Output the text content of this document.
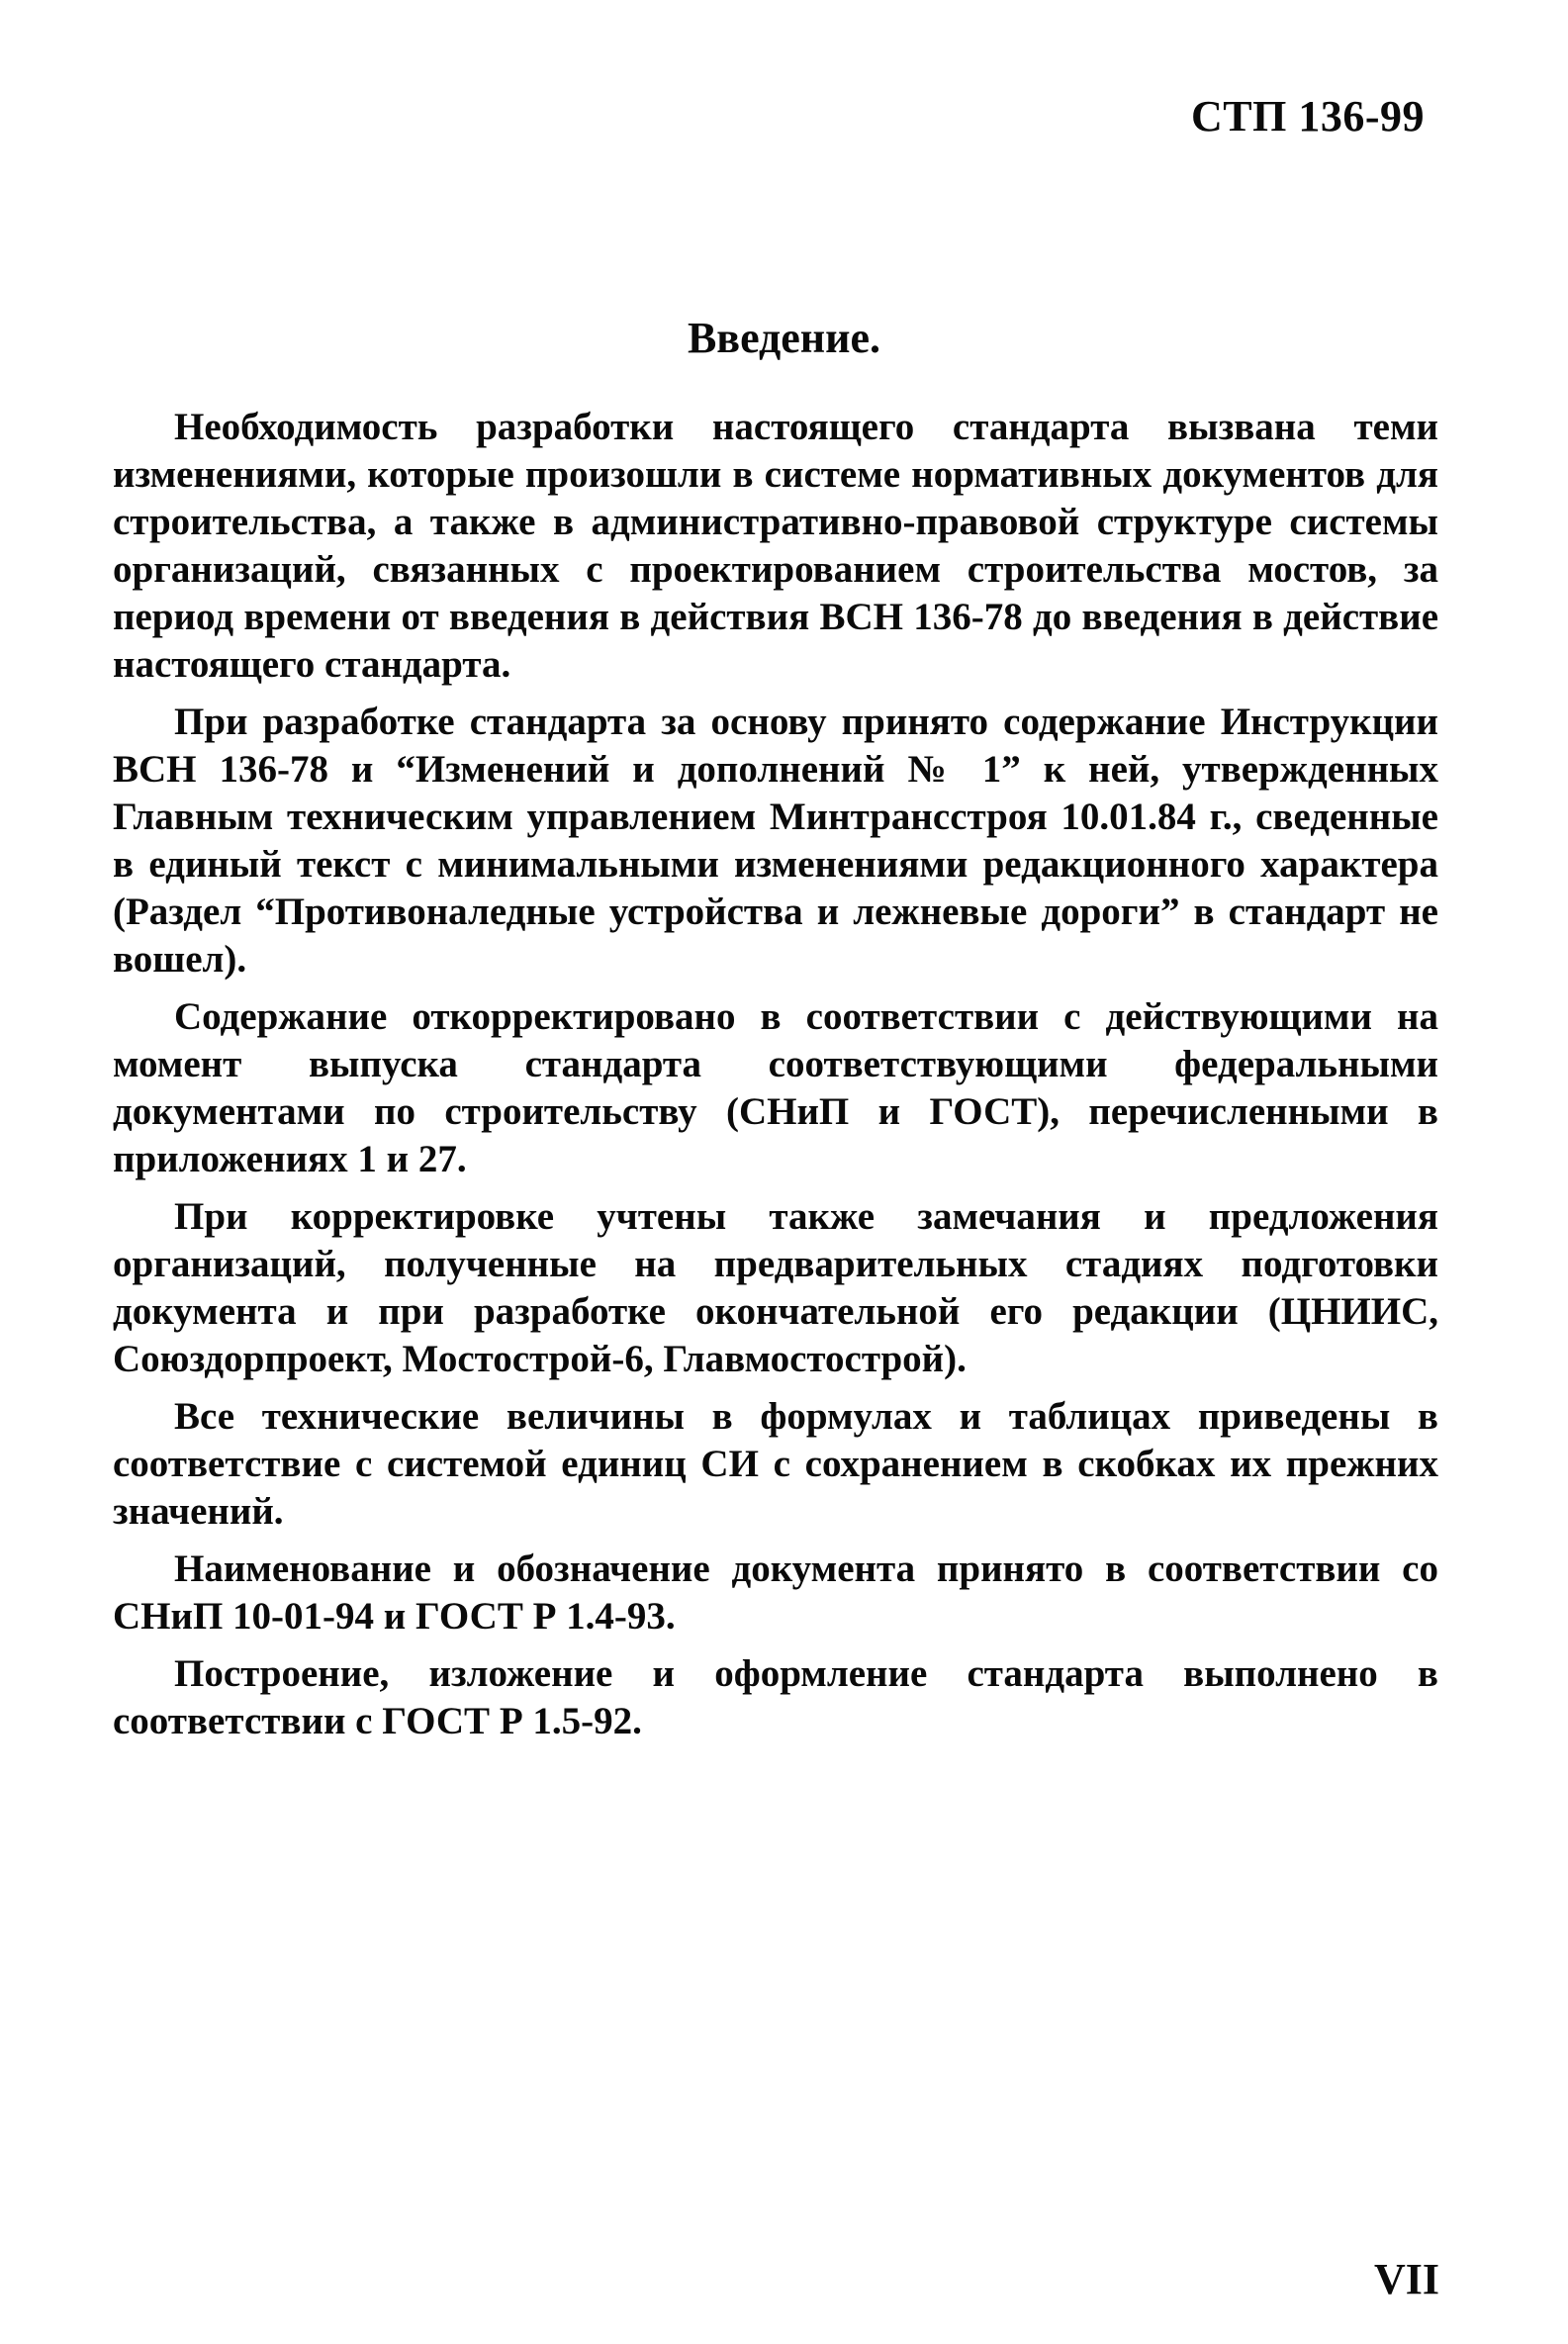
СТП 136-99
Введение.

Необходимость разработки настоящего стандарта вызвана теми изменениями, которые произошли в системе нормативных документов для строительства, а также в административно-правовой структуре системы организаций, связанных с проектированием строительства мостов, за период времени от введения в действия ВСН 136-78 до введения в действие настоящего стандарта.

При разработке стандарта за основу принято содержание Инструкции ВСН 136-78 и “Изменений и дополнений № 1” к ней, утвержденных Главным техническим управлением Минтрансстроя 10.01.84 г., сведенные в единый текст с минимальными изменениями редакционного характера (Раздел “Противоналедные устройства и лежневые дороги” в стандарт не вошел).

Содержание откорректировано в соответствии с действующими на момент выпуска стандарта соответствующими федеральными документами по строительству (СНиП и ГОСТ), перечисленными в приложениях 1 и 27.

При корректировке учтены также замечания и предложения организаций, полученные на предварительных стадиях подготовки документа и при разработке окончательной его редакции (ЦНИИС, Союздорпроект, Мостострой-6, Главмостострой).

Все технические величины в формулах и таблицах приведены в соответствие с системой единиц СИ с сохранением в скобках их прежних значений.

Наименование и обозначение документа принято в соответствии со СНиП 10-01-94 и ГОСТ Р 1.4-93.

Построение, изложение и оформление стандарта выполнено в соответствии с ГОСТ Р 1.5-92.

VII
